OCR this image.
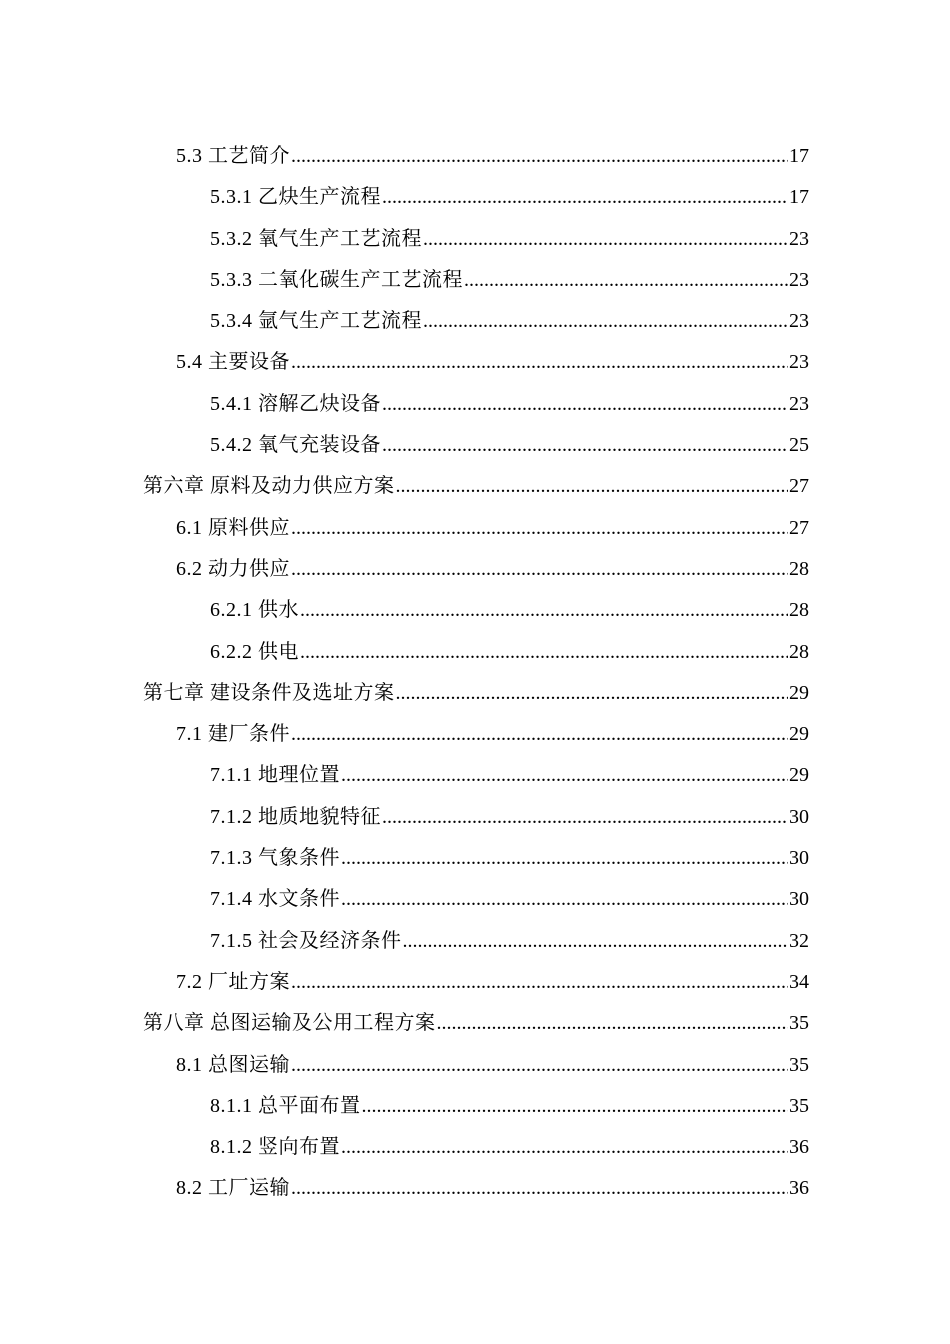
5.3 工艺简介 .....	17
5.3.1 乙炔生产流程 .....	17
5.3.2 氧气生产工艺流程 .....	23
5.3.3 二氧化碳生产工艺流程 .....	23
5.3.4 氩气生产工艺流程 .....	23
5.4 主要设备 .....	23
5.4.1 溶解乙炔设备 .....	23
5.4.2 氧气充装设备 .....	25
第六章 原料及动力供应方案 .....	27
6.1 原料供应 .....	27
6.2 动力供应 .....	28
6.2.1 供水 .....	28
6.2.2 供电 .....	28
第七章 建设条件及选址方案 .....	29
7.1 建厂条件 .....	29
7.1.1 地理位置 .....	29
7.1.2 地质地貌特征 .....	30
7.1.3 气象条件 .....	30
7.1.4 水文条件 .....	30
7.1.5 社会及经济条件 .....	32
7.2 厂址方案 .....	34
第八章 总图运输及公用工程方案 .....	35
8.1 总图运输 .....	35
8.1.1 总平面布置 .....	35
8.1.2 竖向布置 .....	36
8.2 工厂运输 .....	36
